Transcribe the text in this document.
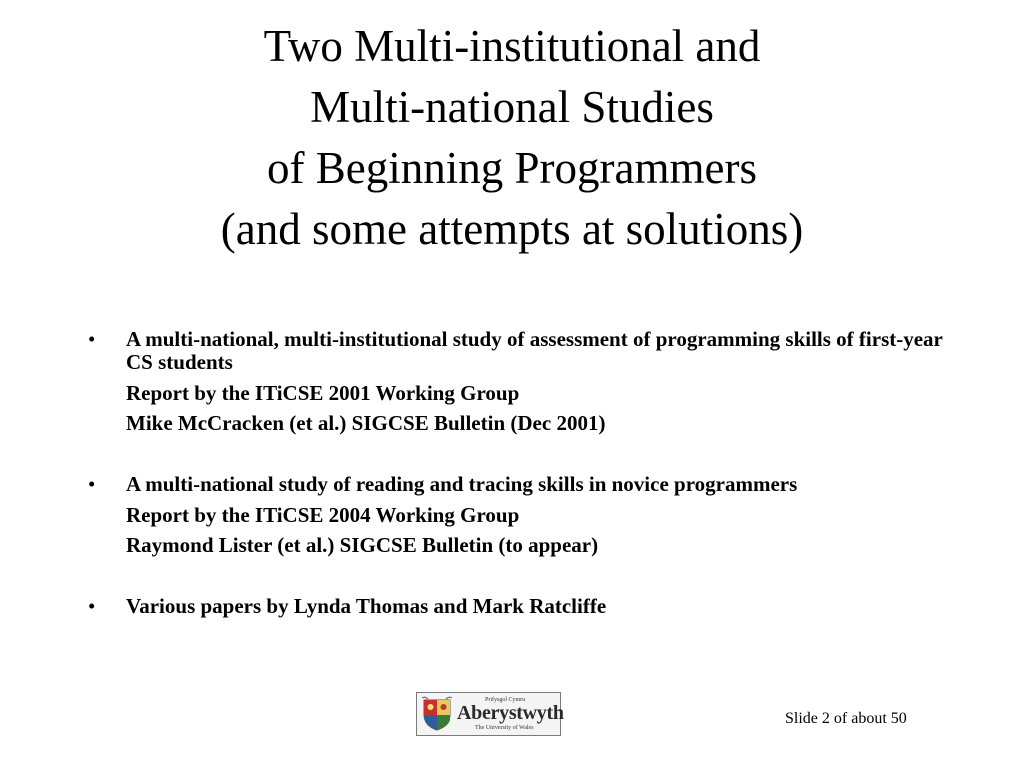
Two Multi-institutional and
Multi-national Studies
of Beginning Programmers
(and some attempts at solutions)
• A multi-national, multi-institutional study of assessment of programming skills of first-year CS students
Report by the ITiCSE 2001 Working Group
Mike McCracken (et al.) SIGCSE Bulletin (Dec 2001)
• A multi-national study of reading and tracing skills in novice programmers
Report by the ITiCSE 2004 Working Group
Raymond Lister (et al.) SIGCSE Bulletin (to appear)
• Various papers by Lynda Thomas and Mark Ratcliffe
Prifysgol Cymru
Aberystwyth
The University of Wales
Slide 2 of about 50
